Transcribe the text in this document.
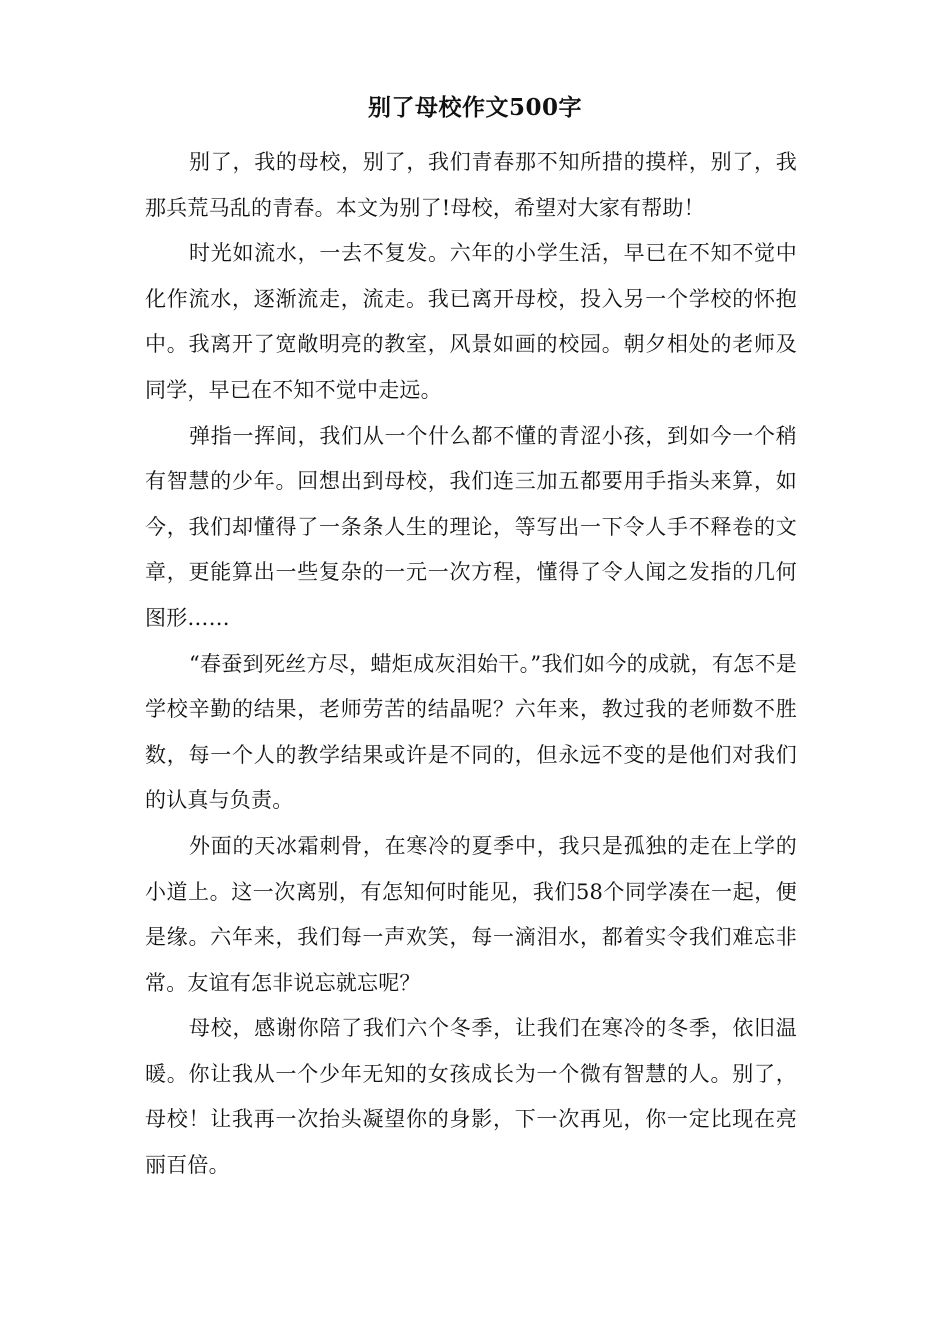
别了母校作文500字

别了，我的母校，别了，我们青春那不知所措的摸样，别了，我那兵荒马乱的青春。本文为别了!母校，希望对大家有帮助！

时光如流水，一去不复发。六年的小学生活，早已在不知不觉中化作流水，逐渐流走，流走。我已离开母校，投入另一个学校的怀抱中。我离开了宽敞明亮的教室，风景如画的校园。朝夕相处的老师及同学，早已在不知不觉中走远。

弹指一挥间，我们从一个什么都不懂的青涩小孩，到如今一个稍有智慧的少年。回想出到母校，我们连三加五都要用手指头来算，如今，我们却懂得了一条条人生的理论，等写出一下令人手不释卷的文章，更能算出一些复杂的一元一次方程，懂得了令人闻之发指的几何图形……

“春蚕到死丝方尽，蜡炬成灰泪始干。”我们如今的成就，有怎不是学校辛勤的结果，老师劳苦的结晶呢？六年来，教过我的老师数不胜数，每一个人的教学结果或许是不同的，但永远不变的是他们对我们的认真与负责。

外面的天冰霜刺骨，在寒冷的夏季中，我只是孤独的走在上学的小道上。这一次离别，有怎知何时能见，我们58个同学凑在一起，便是缘。六年来，我们每一声欢笑，每一滴泪水，都着实令我们难忘非常。友谊有怎非说忘就忘呢？

母校，感谢你陪了我们六个冬季，让我们在寒冷的冬季，依旧温暖。你让我从一个少年无知的女孩成长为一个微有智慧的人。别了，母校！让我再一次抬头凝望你的身影，下一次再见，你一定比现在亮丽百倍。
